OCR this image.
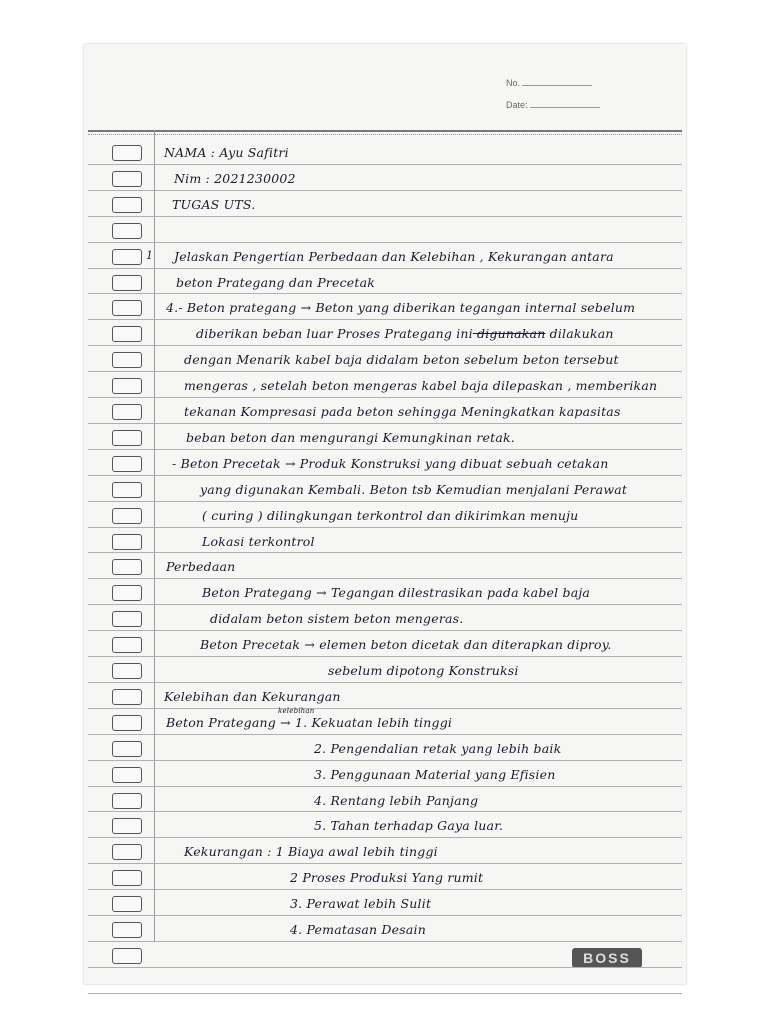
No.
Date:
1
BOSS
NAMA : Ayu Safitri
Nim : 2021230002
TUGAS UTS.
Jelaskan Pengertian Perbedaan dan Kelebihan , Kekurangan antara
beton Prategang dan Precetak
4.- Beton prategang → Beton yang diberikan tegangan internal sebelum
diberikan beban luar Proses Prategang ini digunakan dilakukan
dengan Menarik kabel baja didalam beton sebelum beton tersebut
mengeras , setelah beton mengeras kabel baja dilepaskan , memberikan
tekanan Kompresasi pada beton sehingga Meningkatkan kapasitas
beban beton dan mengurangi Kemungkinan retak.
- Beton Precetak → Produk Konstruksi yang dibuat sebuah cetakan
yang digunakan Kembali. Beton tsb Kemudian menjalani Perawat
( curing ) dilingkungan terkontrol dan dikirimkan menuju
Lokasi terkontrol
Perbedaan
Beton Prategang → Tegangan dilestrasikan pada kabel baja
didalam beton sistem beton mengeras.
Beton Precetak → elemen beton dicetak dan diterapkan diproy.
sebelum dipotong Konstruksi
Kelebihan dan Kekurangan
Beton Prategang → 1. Kekuatan lebih tinggi
kelebihan
2. Pengendalian retak yang lebih baik
3. Penggunaan Material yang Efisien
4. Rentang lebih Panjang
5. Tahan terhadap Gaya luar.
Kekurangan : 1 Biaya awal lebih tinggi
2 Proses Produksi Yang rumit
3. Perawat lebih Sulit
4. Pematasan Desain
